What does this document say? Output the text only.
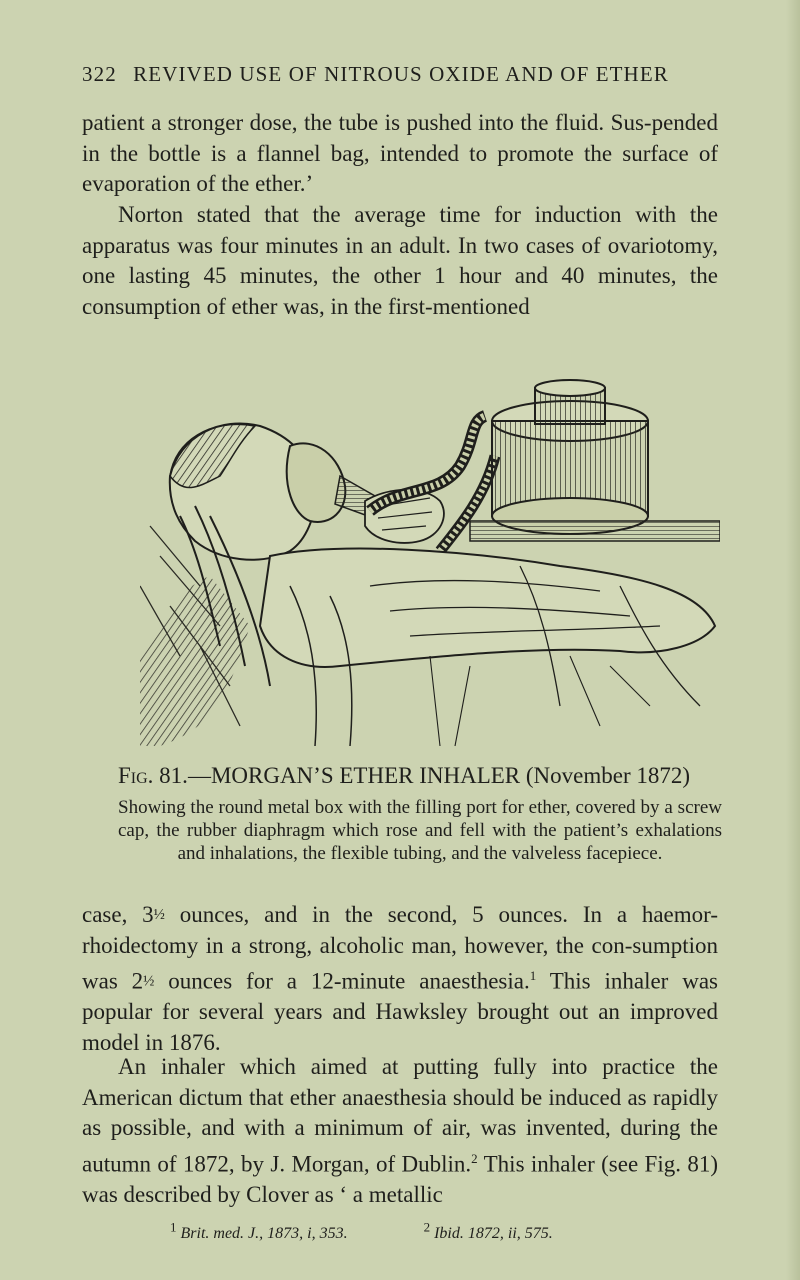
322 REVIVED USE OF NITROUS OXIDE AND OF ETHER

patient a stronger dose, the tube is pushed into the fluid. Sus-pended in the bottle is a flannel bag, intended to promote the surface of evaporation of the ether.’

Norton stated that the average time for induction with the apparatus was four minutes in an adult. In two cases of ovariotomy, one lasting 45 minutes, the other 1 hour and 40 minutes, the consumption of ether was, in the first-mentioned

Fig. 81.—MORGAN’S ETHER INHALER (November 1872)
Showing the round metal box with the filling port for ether, covered by a screw cap, the rubber diaphragm which rose and fell with the patient’s exhalations and inhalations, the flexible tubing, and the valveless facepiece.

case, 3½ ounces, and in the second, 5 ounces. In a haemor-rhoidectomy in a strong, alcoholic man, however, the con-sumption was 2½ ounces for a 12-minute anaesthesia.$^1$ This inhaler was popular for several years and Hawksley brought out an improved model in 1876.

An inhaler which aimed at putting fully into practice the American dictum that ether anaesthesia should be induced as rapidly as possible, and with a minimum of air, was invented, during the autumn of 1872, by J. Morgan, of Dublin.$^2$ This inhaler (see Fig. 81) was described by Clover as ‘ a metallic

$^1$ Brit. med. J., 1873, i, 353.	$^2$ Ibid. 1872, ii, 575.
